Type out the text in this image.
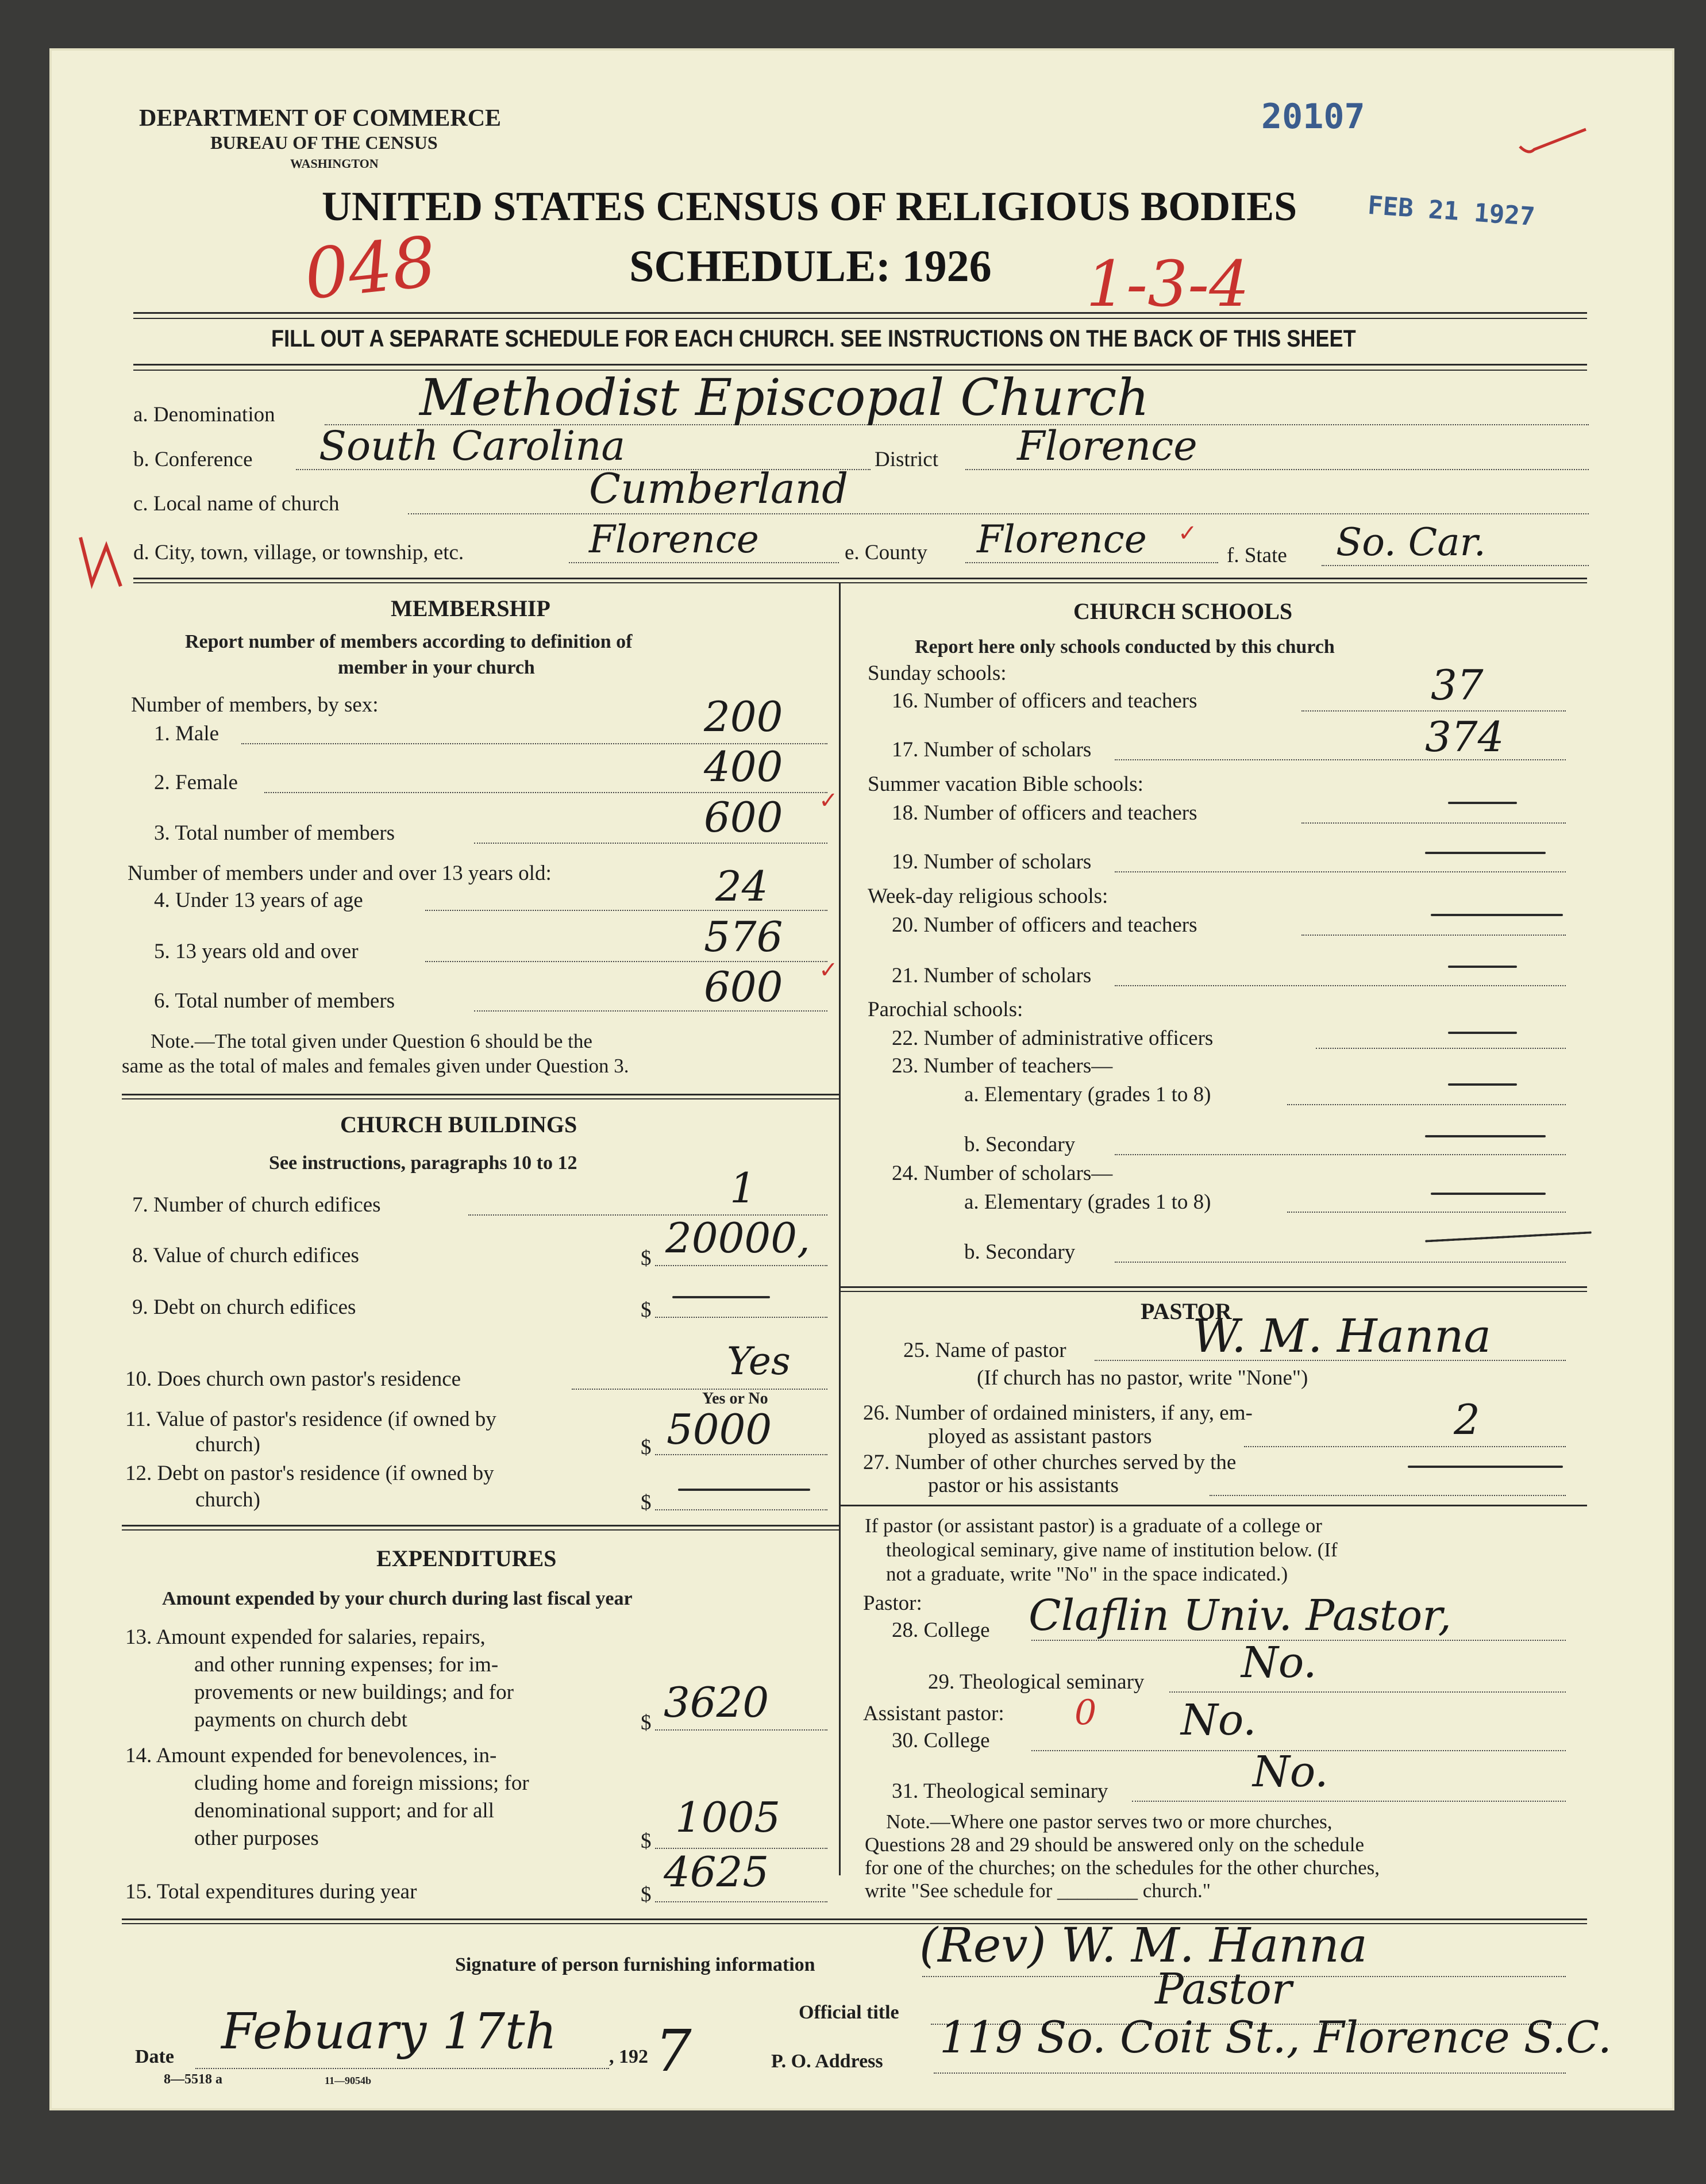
DEPARTMENT OF COMMERCE
BUREAU OF THE CENSUS
WASHINGTON
UNITED STATES CENSUS OF RELIGIOUS BODIES
SCHEDULE: 1926
20107
FEB 21 1927
048	1-3-4
FILL OUT A SEPARATE SCHEDULE FOR EACH CHURCH. SEE INSTRUCTIONS ON THE BACK OF THIS SHEET
a. Denomination	Methodist Episcopal Church
b. Conference South Carolina	District Florence
c. Local name of church	Cumberland
d. City, town, village, or township, etc.	Florence	e. County Florence ✓
f. State So. Car.
MEMBERSHIP
Report number of members according to definition of
member in your church
Number of members, by sex:
1. Male	200
2. Female	400
3. Total number of members	600 ✓
Number of members under and over 13 years old:
4. Under 13 years of age	24
5. 13 years old and over	576
6. Total number of members	600 ✓
Note.—The total given under Question 6 should be the
same as the total of males and females given under Question 3.
CHURCH BUILDINGS
See instructions, paragraphs 10 to 12
7. Number of church edifices	1
8. Value of church edifices	$ 20000,
9. Debt on church edifices	$
10. Does church own pastor's residence	Yes
Yes or No
11. Value of pastor's residence (if owned by
church)	$ 5000
12. Debt on pastor's residence (if owned by
church)	$
EXPENDITURES
Amount expended by your church during last fiscal year
13. Amount expended for salaries, repairs,
and other running expenses; for im-
provements or new buildings; and for
payments on church debt	$ 3620
14. Amount expended for benevolences, in-
cluding home and foreign missions; for
denominational support; and for all
other purposes	$ 1005
15. Total expenditures during year	$ 4625
CHURCH SCHOOLS
Report here only schools conducted by this church
Sunday schools:
16. Number of officers and teachers	37
17. Number of scholars	374
Summer vacation Bible schools:
18. Number of officers and teachers
19. Number of scholars
Week-day religious schools:
20. Number of officers and teachers
21. Number of scholars
Parochial schools:
22. Number of administrative officers
23. Number of teachers—
a. Elementary (grades 1 to 8)
b. Secondary
24. Number of scholars—
a. Elementary (grades 1 to 8)
b. Secondary
PASTOR
25. Name of pastor	W. M. Hanna
(If church has no pastor, write "None")
26. Number of ordained ministers, if any, em-
ployed as assistant pastors	2
27. Number of other churches served by the
pastor or his assistants
If pastor (or assistant pastor) is a graduate of a college or
theological seminary, give name of institution below. (If
not a graduate, write "No" in the space indicated.)
Pastor:
28. College Claflin Univ. Pastor,
29. Theological seminary No.
Assistant pastor: 0
30. College	No.
31. Theological seminary	No.
Note.—Where one pastor serves two or more churches,
Questions 28 and 29 should be answered only on the schedule
for one of the churches; on the schedules for the other churches,
write "See schedule for ________ church."
Signature of person furnishing information (Rev) W. M. Hanna
Official title	Pastor
Date Febuary 17th	, 192 7	P. O. Address 119 So. Coit St., Florence S.C.
8—5518 a	11—9054b
